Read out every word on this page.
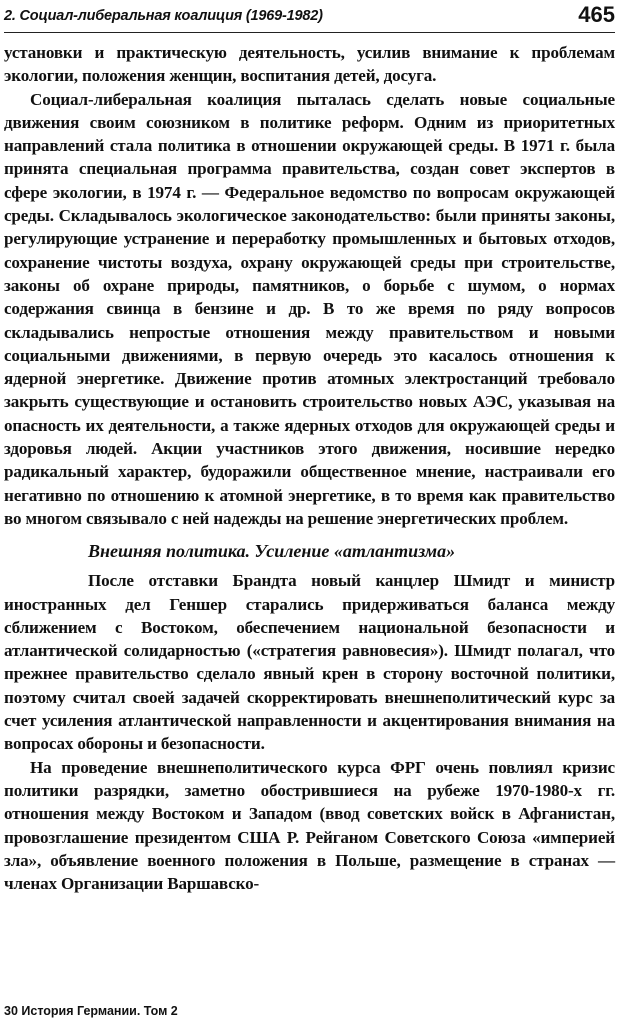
2. Социал-либеральная коалиция (1969-1982)	465

установки и практическую деятельность, усилив внимание к проблемам экологии, положения женщин, воспитания детей, досуга.

Социал-либеральная коалиция пыталась сделать новые социальные движения своим союзником в политике реформ. Одним из приоритетных направлений стала политика в отношении окружающей среды. В 1971 г. была принята специальная программа правительства, создан совет экспертов в сфере экологии, в 1974 г. — Федеральное ведомство по вопросам окружающей среды. Складывалось экологическое законодательство: были приняты законы, регулирующие устранение и переработку промышленных и бытовых отходов, сохранение чистоты воздуха, охрану окружающей среды при строительстве, законы об охране природы, памятников, о борьбе с шумом, о нормах содержания свинца в бензине и др. В то же время по ряду вопросов складывались непростые отношения между правительством и новыми социальными движениями, в первую очередь это касалось отношения к ядерной энергетике. Движение против атомных электростанций требовало закрыть существующие и остановить строительство новых АЭС, указывая на опасность их деятельности, а также ядерных отходов для окружающей среды и здоровья людей. Акции участников этого движения, носившие нередко радикальный характер, будоражили общественное мнение, настраивали его негативно по отношению к атомной энергетике, в то время как правительство во многом связывало с ней надежды на решение энергетических проблем.

Внешняя политика. Усиление «атлантизма»

После отставки Брандта новый канцлер Шмидт и министр иностранных дел Геншер старались придерживаться баланса между сближением с Востоком, обеспечением национальной безопасности и атлантической солидарностью («стратегия равновесия»). Шмидт полагал, что прежнее правительство сделало явный крен в сторону восточной политики, поэтому считал своей задачей скорректировать внешнеполитический курс за счет усиления атлантической направленности и акцентирования внимания на вопросах обороны и безопасности.

На проведение внешнеполитического курса ФРГ очень повлиял кризис политики разрядки, заметно обострившиеся на рубеже 1970-1980-х гг. отношения между Востоком и Западом (ввод советских войск в Афганистан, провозглашение президентом США Р. Рейганом Советского Союза «империей зла», объявление военного положения в Польше, размещение в странах — членах Организации Варшавско-

30 История Германии. Том 2
